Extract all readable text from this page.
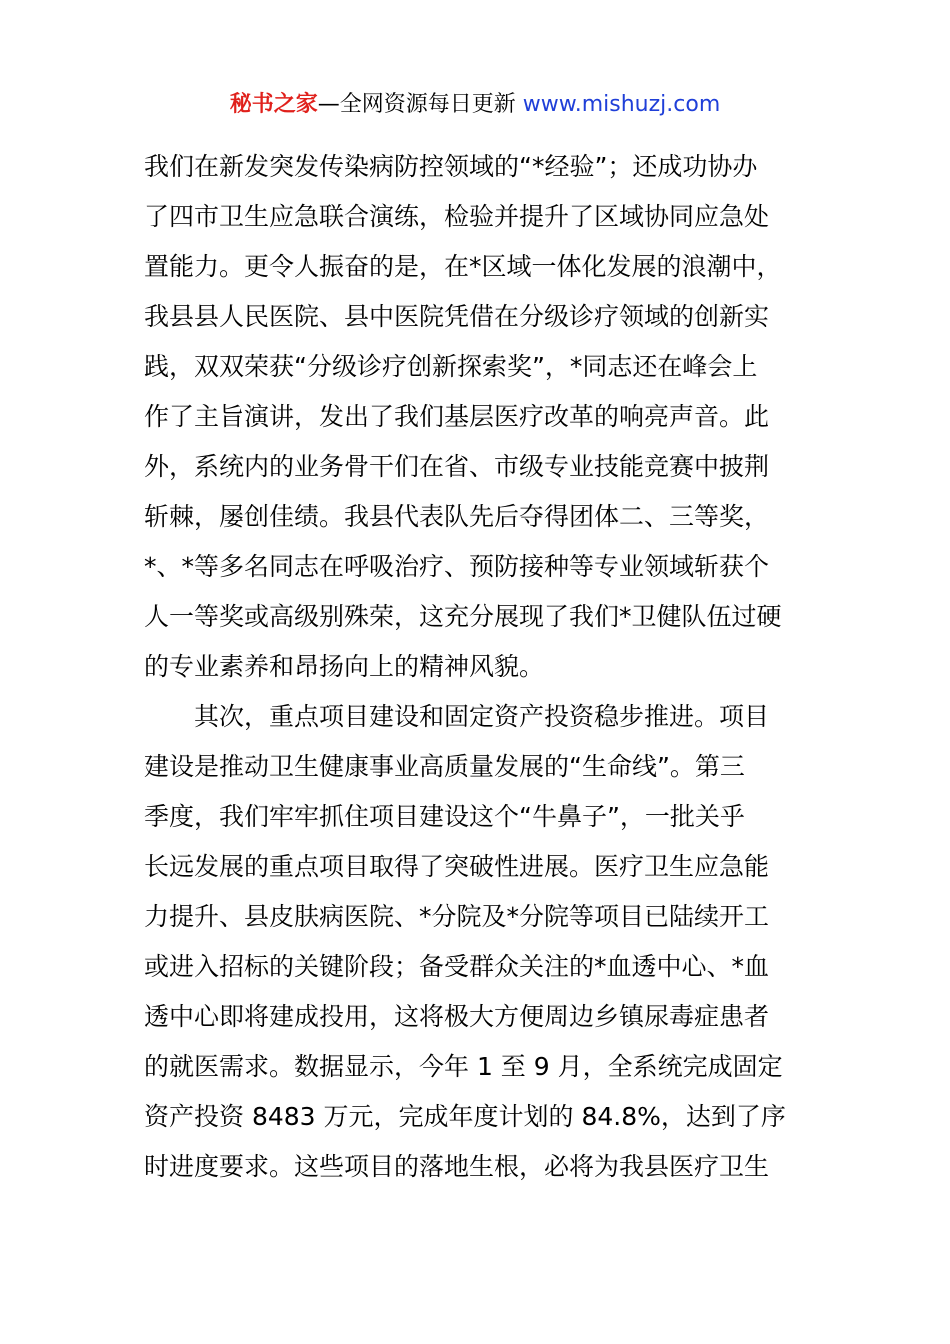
秘书之家—全网资源每日更新 www.mishuzj.com
我们在新发突发传染病防控领域的“*经验”；还成功协办
了四市卫生应急联合演练，检验并提升了区域协同应急处
置能力。更令人振奋的是，在*区域一体化发展的浪潮中，
我县县人民医院、县中医院凭借在分级诊疗领域的创新实
践，双双荣获“分级诊疗创新探索奖”，*同志还在峰会上
作了主旨演讲，发出了我们基层医疗改革的响亮声音。此
外，系统内的业务骨干们在省、市级专业技能竞赛中披荆
斩棘，屡创佳绩。我县代表队先后夺得团体二、三等奖，
*、*等多名同志在呼吸治疗、预防接种等专业领域斩获个
人一等奖或高级别殊荣，这充分展现了我们*卫健队伍过硬
的专业素养和昂扬向上的精神风貌。
其次，重点项目建设和固定资产投资稳步推进。项目
建设是推动卫生健康事业高质量发展的“生命线”。第三
季度，我们牢牢抓住项目建设这个“牛鼻子”，一批关乎
长远发展的重点项目取得了突破性进展。医疗卫生应急能
力提升、县皮肤病医院、*分院及*分院等项目已陆续开工
或进入招标的关键阶段；备受群众关注的*血透中心、*血
透中心即将建成投用，这将极大方便周边乡镇尿毒症患者
的就医需求。数据显示，今年 1 至 9 月，全系统完成固定
资产投资 8483 万元，完成年度计划的 84.8%，达到了序
时进度要求。这些项目的落地生根，必将为我县医疗卫生
